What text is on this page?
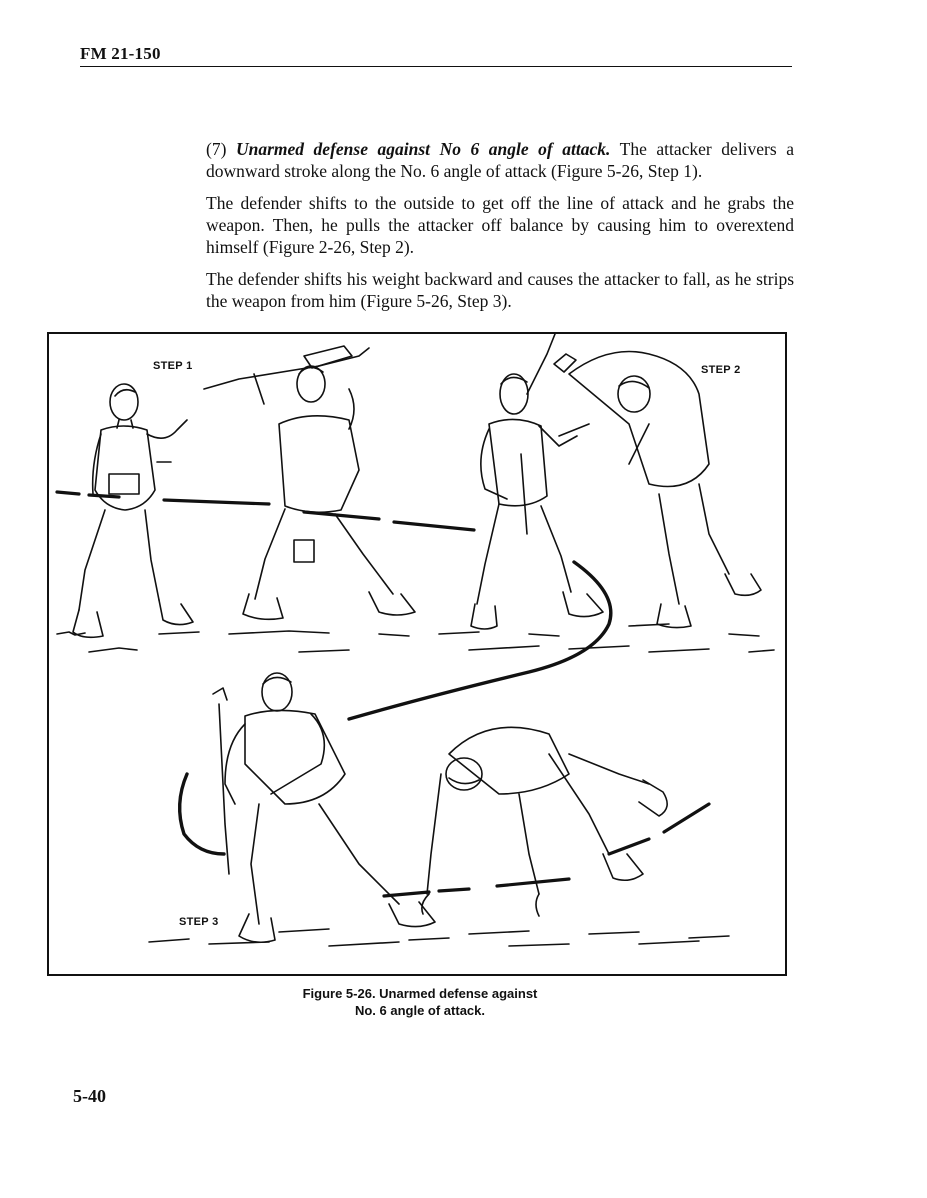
FM 21-150

(7) Unarmed defense against No 6 angle of attack. The attacker delivers a downward stroke along the No. 6 angle of attack (Figure 5-26, Step 1).

The defender shifts to the outside to get off the line of attack and he grabs the weapon. Then, he pulls the attacker off balance by causing him to overextend himself (Figure 2-26, Step 2).

The defender shifts his weight backward and causes the attacker to fall, as he strips the weapon from him (Figure 5-26, Step 3).

STEP 1	STEP 2
STEP 3
Figure 5-26. Unarmed defense against
No. 6 angle of attack.
5-40
